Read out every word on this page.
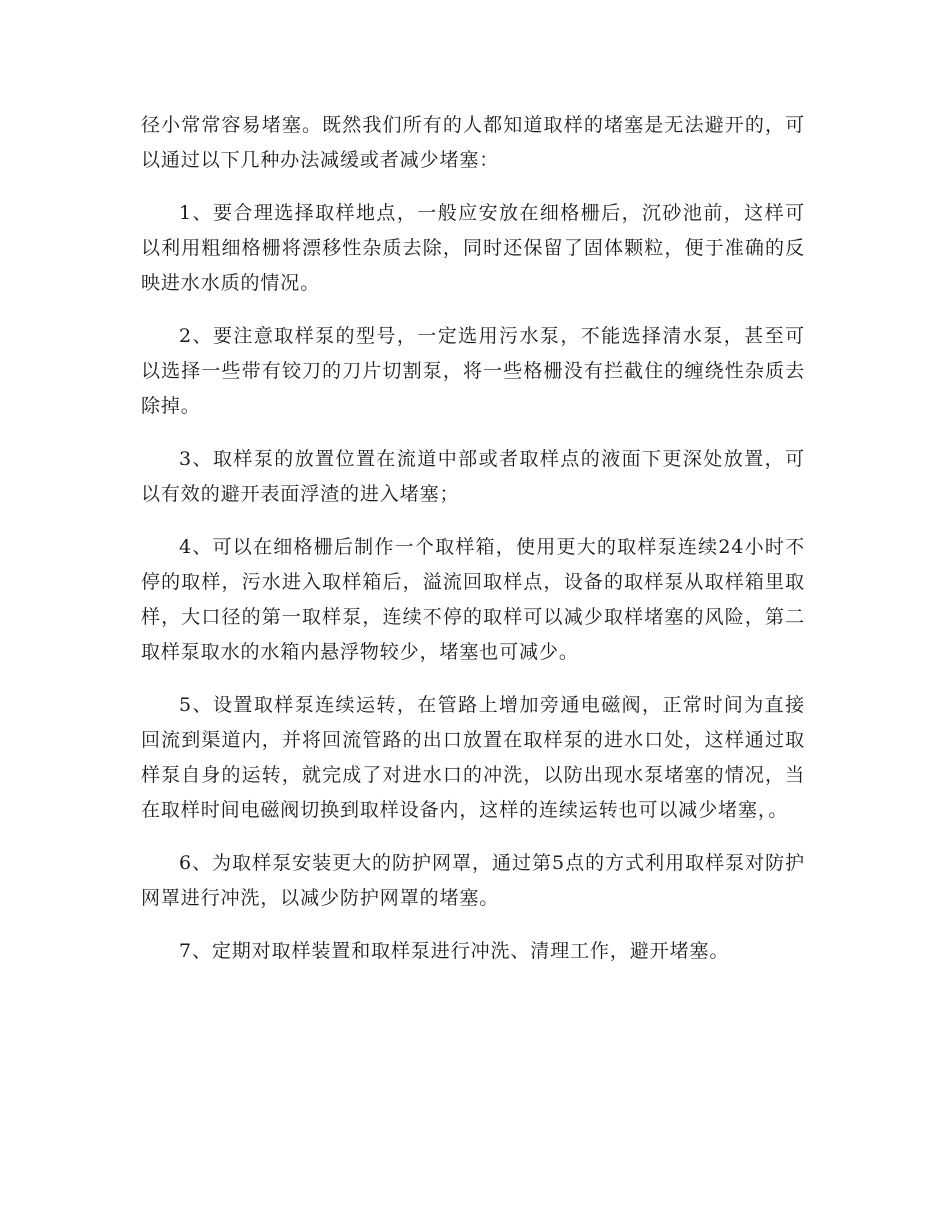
径小常常容易堵塞。既然我们所有的人都知道取样的堵塞是无法避开的，可以通过以下几种办法减缓或者减少堵塞：

1、要合理选择取样地点，一般应安放在细格栅后，沉砂池前，这样可以利用粗细格栅将漂移性杂质去除，同时还保留了固体颗粒，便于准确的反映进水水质的情况。

2、要注意取样泵的型号，一定选用污水泵，不能选择清水泵，甚至可以选择一些带有铰刀的刀片切割泵，将一些格栅没有拦截住的缠绕性杂质去除掉。

3、取样泵的放置位置在流道中部或者取样点的液面下更深处放置，可以有效的避开表面浮渣的进入堵塞；

4、可以在细格栅后制作一个取样箱，使用更大的取样泵连续24小时不停的取样，污水进入取样箱后，溢流回取样点，设备的取样泵从取样箱里取样，大口径的第一取样泵，连续不停的取样可以减少取样堵塞的风险，第二取样泵取水的水箱内悬浮物较少，堵塞也可减少。

5、设置取样泵连续运转，在管路上增加旁通电磁阀，正常时间为直接回流到渠道内，并将回流管路的出口放置在取样泵的进水口处，这样通过取样泵自身的运转，就完成了对进水口的冲洗，以防出现水泵堵塞的情况，当在取样时间电磁阀切换到取样设备内，这样的连续运转也可以减少堵塞，。

6、为取样泵安装更大的防护网罩，通过第5点的方式利用取样泵对防护网罩进行冲洗，以减少防护网罩的堵塞。

7、定期对取样装置和取样泵进行冲洗、清理工作，避开堵塞。
